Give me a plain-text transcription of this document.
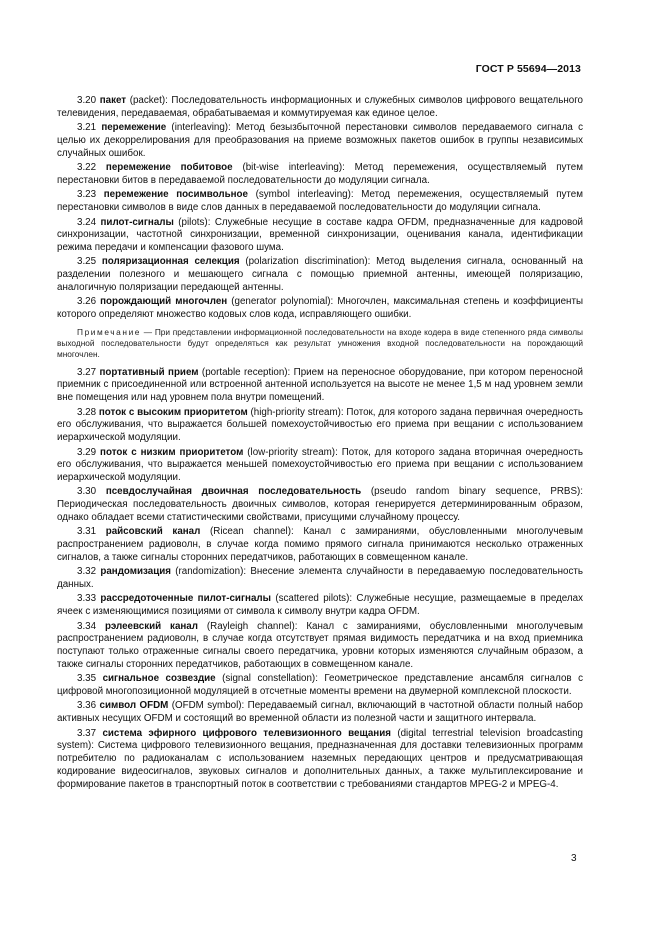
ГОСТ Р 55694—2013

3.20 пакет (packet): Последовательность информационных и служебных символов цифрового вещательного телевидения, передаваемая, обрабатываемая и коммутируемая как единое целое.

3.21 перемежение (interleaving): Метод безызбыточной перестановки символов передаваемого сигнала с целью их декоррелирования для преобразования на приеме возможных пакетов ошибок в группы независимых случайных ошибок.

3.22 перемежение побитовое (bit-wise interleaving): Метод перемежения, осуществляемый путем перестановки битов в передаваемой последовательности до модуляции сигнала.

3.23 перемежение посимвольное (symbol interleaving): Метод перемежения, осуществляемый путем перестановки символов в виде слов данных в передаваемой последовательности до модуляции сигнала.

3.24 пилот-сигналы (pilots): Служебные несущие в составе кадра OFDM, предназначенные для кадровой синхронизации, частотной синхронизации, временной синхронизации, оценивания канала, идентификации режима передачи и компенсации фазового шума.

3.25 поляризационная селекция (polarization discrimination): Метод выделения сигнала, основанный на разделении полезного и мешающего сигнала с помощью приемной антенны, имеющей поляризацию, аналогичную поляризации передающей антенны.

3.26 порождающий многочлен (generator polynomial): Многочлен, максимальная степень и коэффициенты которого определяют множество кодовых слов кода, исправляющего ошибки.

Примечание — При представлении информационной последовательности на входе кодера в виде степенного ряда символы выходной последовательности будут определяться как результат умножения входной последовательности на порождающий многочлен.

3.27 портативный прием (portable reception): Прием на переносное оборудование, при котором переносной приемник с присоединенной или встроенной антенной используется на высоте не менее 1,5 м над уровнем земли вне помещения или над уровнем пола внутри помещений.

3.28 поток с высоким приоритетом (high-priority stream): Поток, для которого задана первичная очередность его обслуживания, что выражается большей помехоустойчивостью его приема при вещании с использованием иерархической модуляции.

3.29 поток с низким приоритетом (low-priority stream): Поток, для которого задана вторичная очередность его обслуживания, что выражается меньшей помехоустойчивостью его приема при вещании с использованием иерархической модуляции.

3.30 псевдослучайная двоичная последовательность (pseudo random binary sequence, PRBS): Периодическая последовательность двоичных символов, которая генерируется детерминированным образом, однако обладает всеми статистическими свойствами, присущими случайному процессу.

3.31 райсовский канал (Ricean channel): Канал с замираниями, обусловленными многолучевым распространением радиоволн, в случае когда помимо прямого сигнала принимаются несколько отраженных сигналов, а также сигналы сторонних передатчиков, работающих в совмещенном канале.

3.32 рандомизация (randomization): Внесение элемента случайности в передаваемую последовательность данных.

3.33 рассредоточенные пилот-сигналы (scattered pilots): Служебные несущие, размещаемые в пределах ячеек с изменяющимися позициями от символа к символу внутри кадра OFDM.

3.34 рэлеевский канал (Rayleigh channel): Канал с замираниями, обусловленными многолучевым распространением радиоволн, в случае когда отсутствует прямая видимость передатчика и на вход приемника поступают только отраженные сигналы своего передатчика, уровни которых изменяются случайным образом, а также сигналы сторонних передатчиков, работающих в совмещенном канале.

3.35 сигнальное созвездие (signal constellation): Геометрическое представление ансамбля сигналов с цифровой многопозиционной модуляцией в отсчетные моменты времени на двумерной комплексной плоскости.

3.36 символ OFDM (OFDM symbol): Передаваемый сигнал, включающий в частотной области полный набор активных несущих OFDM и состоящий во временной области из полезной части и защитного интервала.

3.37 система эфирного цифрового телевизионного вещания (digital terrestrial television broadcasting system): Система цифрового телевизионного вещания, предназначенная для доставки телевизионных программ потребителю по радиоканалам с использованием наземных передающих центров и предусматривающая кодирование видеосигналов, звуковых сигналов и дополнительных данных, а также мультиплексирование и формирование пакетов в транспортный поток в соответствии с требованиями стандартов MPEG-2 и MPEG-4.

3
